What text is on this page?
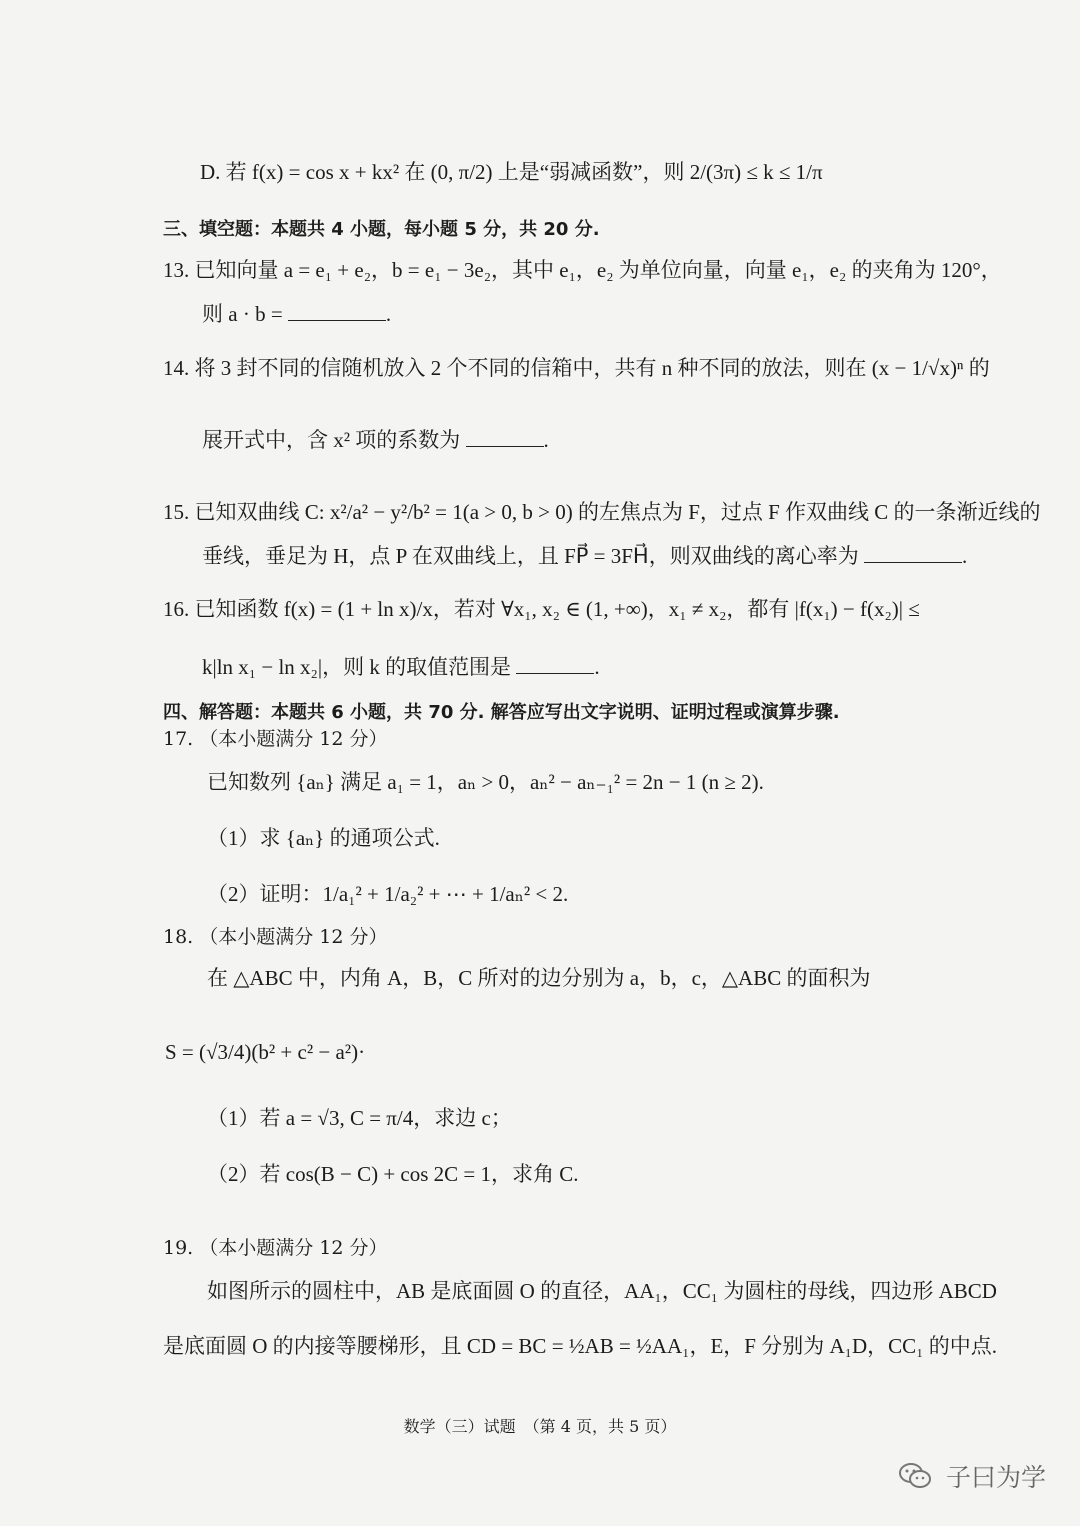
D. 若 f(x) = cos x + kx² 在 (0, π/2) 上是“弱减函数”，则 2/(3π) ≤ k ≤ 1/π
三、填空题：本题共 4 小题，每小题 5 分，共 20 分.
13. 已知向量 a = e₁ + e₂，b = e₁ − 3e₂，其中 e₁，e₂ 为单位向量，向量 e₁，e₂ 的夹角为 120°，
则 a · b =	.
14. 将 3 封不同的信随机放入 2 个不同的信箱中，共有 n 种不同的放法，则在 (x − 1/√x)ⁿ 的
展开式中，含 x² 项的系数为	.
15. 已知双曲线 C: x²/a² − y²/b² = 1(a > 0, b > 0) 的左焦点为 F，过点 F 作双曲线 C 的一条渐近线的
垂线，垂足为 H，点 P 在双曲线上，且 FP⃗ = 3FH⃗，则双曲线的离心率为	.
16. 已知函数 f(x) = (1 + ln x)/x，若对 ∀x₁, x₂ ∈ (1, +∞)，x₁ ≠ x₂，都有 |f(x₁) − f(x₂)| ≤
k|ln x₁ − ln x₂|，则 k 的取值范围是	.
四、解答题：本题共 6 小题，共 70 分. 解答应写出文字说明、证明过程或演算步骤.
17. （本小题满分 12 分）
已知数列 {aₙ} 满足 a₁ = 1，aₙ > 0，aₙ² − aₙ₋₁² = 2n − 1 (n ≥ 2).
（1）求 {aₙ} 的通项公式.
（2）证明：1/a₁² + 1/a₂² + ⋯ + 1/aₙ² < 2.
18. （本小题满分 12 分）
在 △ABC 中，内角 A，B，C 所对的边分别为 a，b，c，△ABC 的面积为
S = (√3/4)(b² + c² − a²)·
（1）若 a = √3, C = π/4，求边 c；
（2）若 cos(B − C) + cos 2C = 1，求角 C.
19. （本小题满分 12 分）
如图所示的圆柱中，AB 是底面圆 O 的直径，AA₁，CC₁ 为圆柱的母线，四边形 ABCD
是底面圆 O 的内接等腰梯形，且 CD = BC = ½AB = ½AA₁，E，F 分别为 A₁D，CC₁ 的中点.
数学（三）试题　（第 4 页，共 5 页）
子曰为学
